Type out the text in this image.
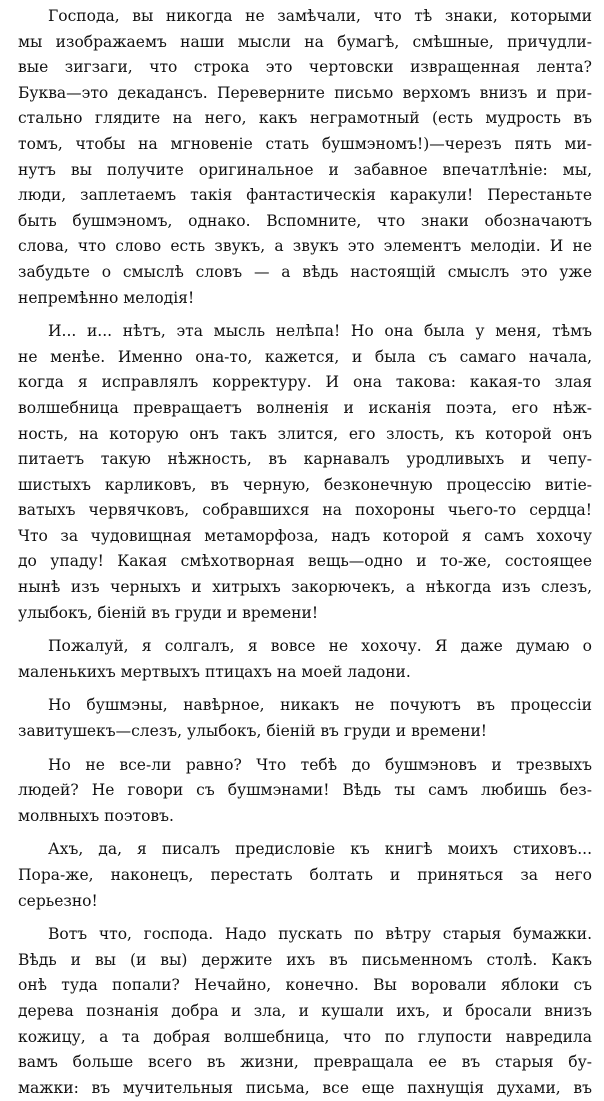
Господа, вы никогда не замѣчали, что тѣ знаки, которыми
мы изображаемъ наши мысли на бумагѣ, смѣшные, причудли-
вые зигзаги, что строка это чертовски извращенная лента?
Буква—это декадансъ. Переверните письмо верхомъ внизъ и при-
стально глядите на него, какъ неграмотный (есть мудрость въ
томъ, чтобы на мгновеніе стать бушмэномъ!)—черезъ пять ми-
нутъ вы получите оригинальное и забавное впечатлѣніе: мы,
люди, заплетаемъ такія фантастическія каракули! Перестаньте
быть бушмэномъ, однако. Вспомните, что знаки обозначаютъ
слова, что слово есть звукъ, а звукъ это элементъ мелодіи. И не
забудьте о смыслѣ словъ — а вѣдь настоящій смыслъ это уже
непремѣнно мелодія!

И... и... нѣтъ, эта мысль нелѣпа! Но она была у меня, тѣмъ
не менѣе. Именно она-то, кажется, и была съ самаго начала,
когда я исправлялъ корректуру. И она такова: какая-то злая
волшебница превращаетъ волненія и исканія поэта, его нѣж-
ность, на которую онъ такъ злится, его злость, къ которой онъ
питаетъ такую нѣжность, въ карнавалъ уродливыхъ и чепу-
шистыхъ карликовъ, въ черную, безконечную процессію витіе-
ватыхъ червячковъ, собравшихся на похороны чьего-то сердца!
Что за чудовищная метаморфоза, надъ которой я самъ хохочу
до упаду! Какая смѣхотворная вещь—одно и то-же, состоящее
нынѣ изъ черныхъ и хитрыхъ закорючекъ, а нѣкогда изъ слезъ,
улыбокъ, біеній въ груди и времени!

Пожалуй, я солгалъ, я вовсе не хохочу. Я даже думаю о
маленькихъ мертвыхъ птицахъ на моей ладони.

Но бушмэны, навѣрное, никакъ не почуютъ въ процессіи
завитушекъ—слезъ, улыбокъ, біеній въ груди и времени!

Но не все-ли равно? Что тебѣ до бушмэновъ и трезвыхъ
людей? Не говори съ бушмэнами! Вѣдь ты самъ любишь без-
молвныхъ поэтовъ.

Ахъ, да, я писалъ предисловіе къ книгѣ моихъ стиховъ...
Пора-же, наконецъ, перестать болтать и приняться за него
серьезно!

Вотъ что, господа. Надо пускать по вѣтру старыя бумажки.
Вѣдь и вы (и вы) держите ихъ въ письменномъ столѣ. Какъ
онѣ туда попали? Нечайно, конечно. Вы воровали яблоки съ
дерева познанія добра и зла, и кушали ихъ, и бросали внизъ
кожицу, а та добрая волшебница, что по глупости навредила
вамъ больше всего въ жизни, превращала ее въ старыя бу-
мажки: въ мучительныя письма, все еще пахнущія духами, въ
